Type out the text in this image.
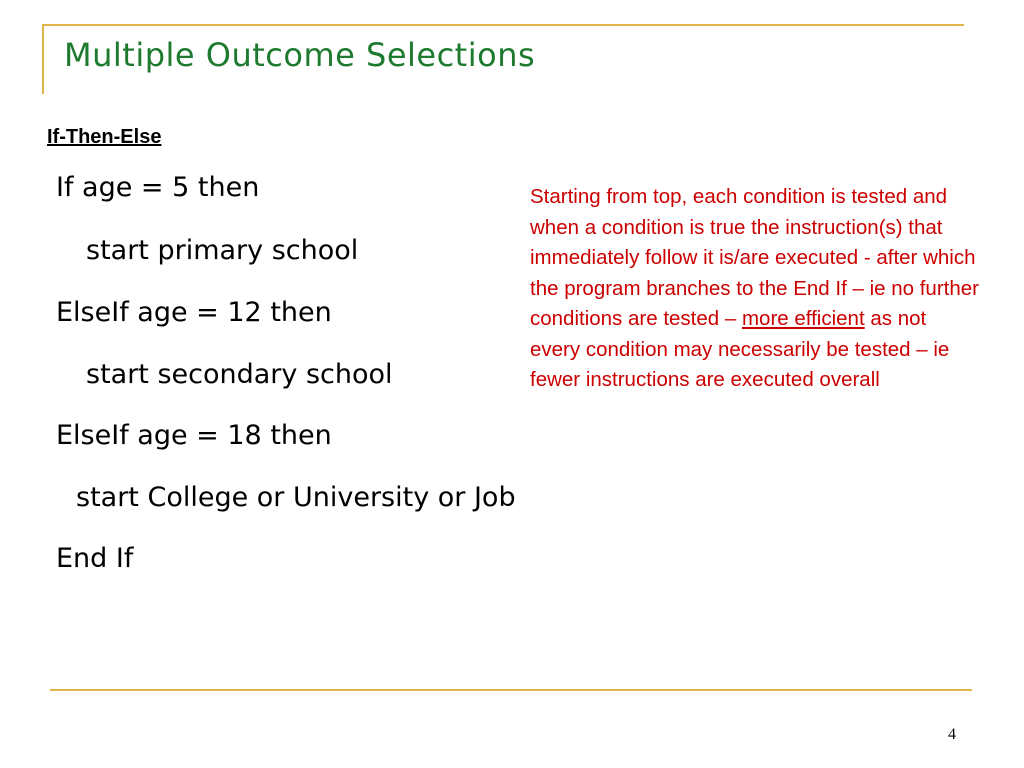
Multiple Outcome Selections
If-Then-Else
If age = 5 then
start primary school
ElseIf age = 12 then
start secondary school
ElseIf age = 18 then
start College or University or Job
End If
Starting from top, each condition is tested and when a condition is true the instruction(s) that immediately follow it is/are executed - after which the program branches to the End If – ie no further conditions are tested – more efficient as not every condition may necessarily be tested – ie fewer instructions are executed overall
4
